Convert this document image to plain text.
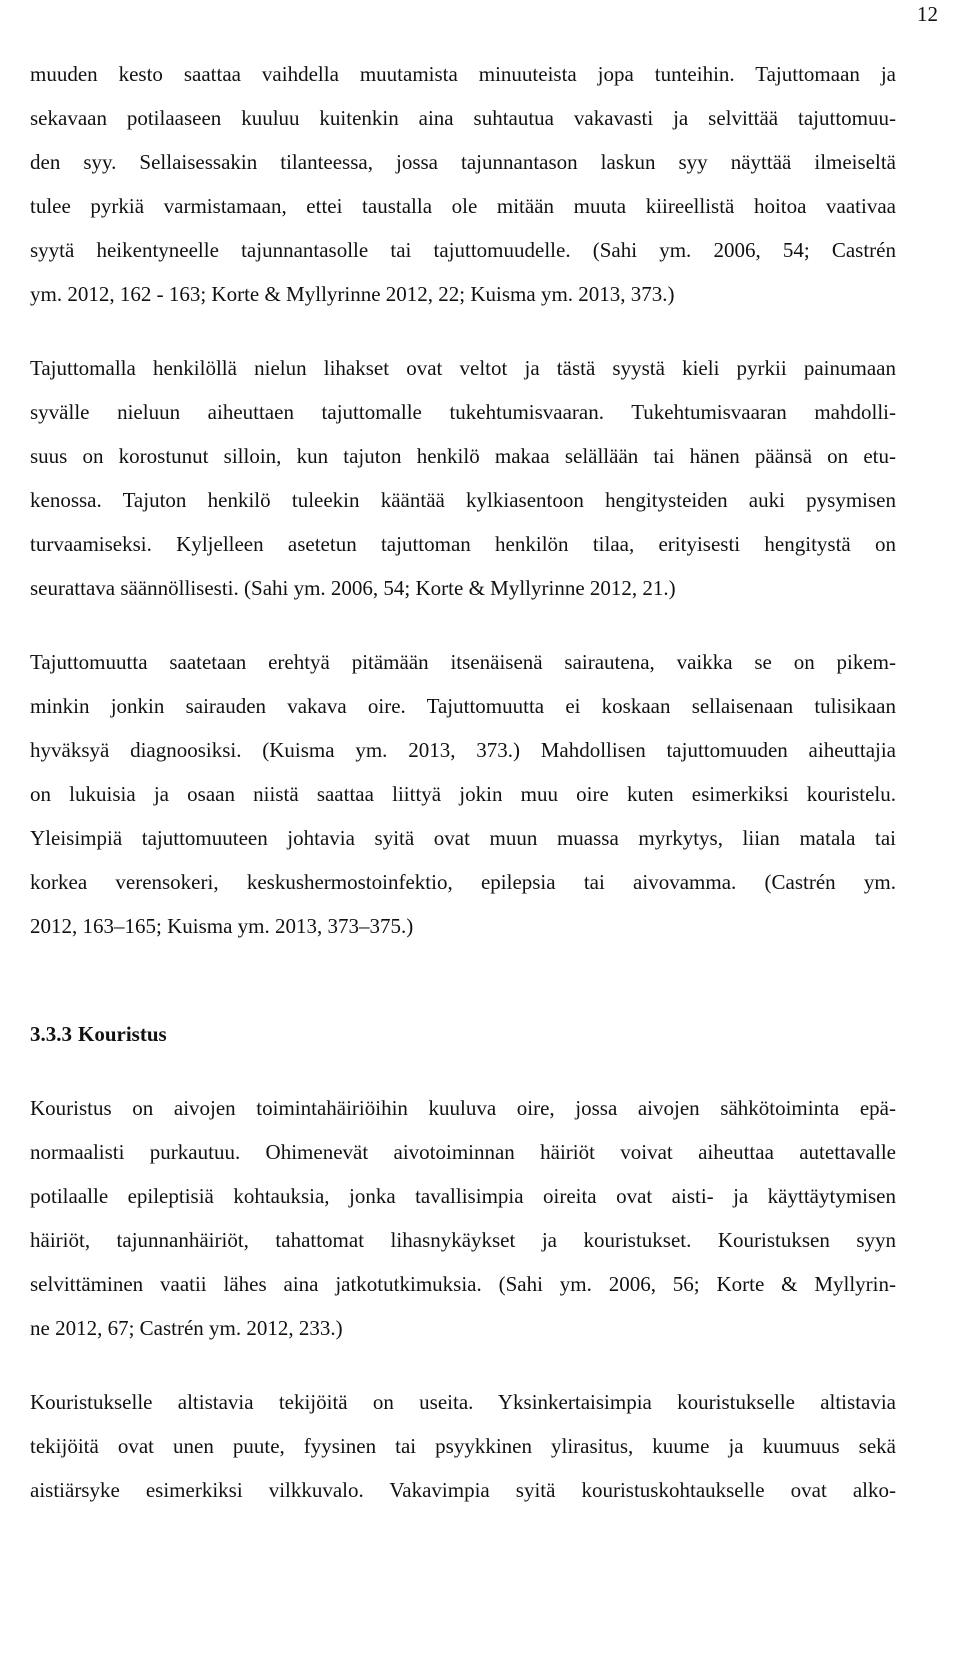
12
muuden kesto saattaa vaihdella muutamista minuuteista jopa tunteihin. Tajuttomaan ja
sekavaan potilaaseen kuuluu kuitenkin aina suhtautua vakavasti ja selvittää tajuttomuu-
den syy. Sellaisessakin tilanteessa, jossa tajunnantason laskun syy näyttää ilmeiseltä
tulee pyrkiä varmistamaan, ettei taustalla ole mitään muuta kiireellistä hoitoa vaativaa
syytä heikentyneelle tajunnantasolle tai tajuttomuudelle. (Sahi ym. 2006, 54; Castrén
ym. 2012, 162 - 163; Korte & Myllyrinne 2012, 22; Kuisma ym. 2013, 373.)
Tajuttomalla henkilöllä nielun lihakset ovat veltot ja tästä syystä kieli pyrkii painumaan
syvälle nieluun aiheuttaen tajuttomalle tukehtumisvaaran. Tukehtumisvaaran mahdolli-
suus on korostunut silloin, kun tajuton henkilö makaa selällään tai hänen päänsä on etu-
kenossa. Tajuton henkilö tuleekin kääntää kylkiasentoon hengitysteiden auki pysymisen
turvaamiseksi. Kyljelleen asetetun tajuttoman henkilön tilaa, erityisesti hengitystä on
seurattava säännöllisesti. (Sahi ym. 2006, 54; Korte & Myllyrinne 2012, 21.)
Tajuttomuutta saatetaan erehtyä pitämään itsenäisenä sairautena, vaikka se on pikem-
minkin jonkin sairauden vakava oire. Tajuttomuutta ei koskaan sellaisenaan tulisikaan
hyväksyä diagnoosiksi. (Kuisma ym. 2013, 373.) Mahdollisen tajuttomuuden aiheuttajia
on lukuisia ja osaan niistä saattaa liittyä jokin muu oire kuten esimerkiksi kouristelu.
Yleisimpiä tajuttomuuteen johtavia syitä ovat muun muassa myrkytys, liian matala tai
korkea verensokeri, keskushermostoinfektio, epilepsia tai aivovamma. (Castrén ym.
2012, 163–165; Kuisma ym. 2013, 373–375.)
3.3.3 Kouristus
Kouristus on aivojen toimintahäiriöihin kuuluva oire, jossa aivojen sähkötoiminta epä-
normaalisti purkautuu. Ohimenevät aivotoiminnan häiriöt voivat aiheuttaa autettavalle
potilaalle epileptisiä kohtauksia, jonka tavallisimpia oireita ovat aisti- ja käyttäytymisen
häiriöt, tajunnanhäiriöt, tahattomat lihasnykäykset ja kouristukset. Kouristuksen syyn
selvittäminen vaatii lähes aina jatkotutkimuksia. (Sahi ym. 2006, 56; Korte & Myllyrin-
ne 2012, 67; Castrén ym. 2012, 233.)
Kouristukselle altistavia tekijöitä on useita. Yksinkertaisimpia kouristukselle altistavia
tekijöitä ovat unen puute, fyysinen tai psyykkinen ylirasitus, kuume ja kuumuus sekä
aistiärsyke esimerkiksi vilkkuvalo. Vakavimpia syitä kouristuskohtaukselle ovat alko-
